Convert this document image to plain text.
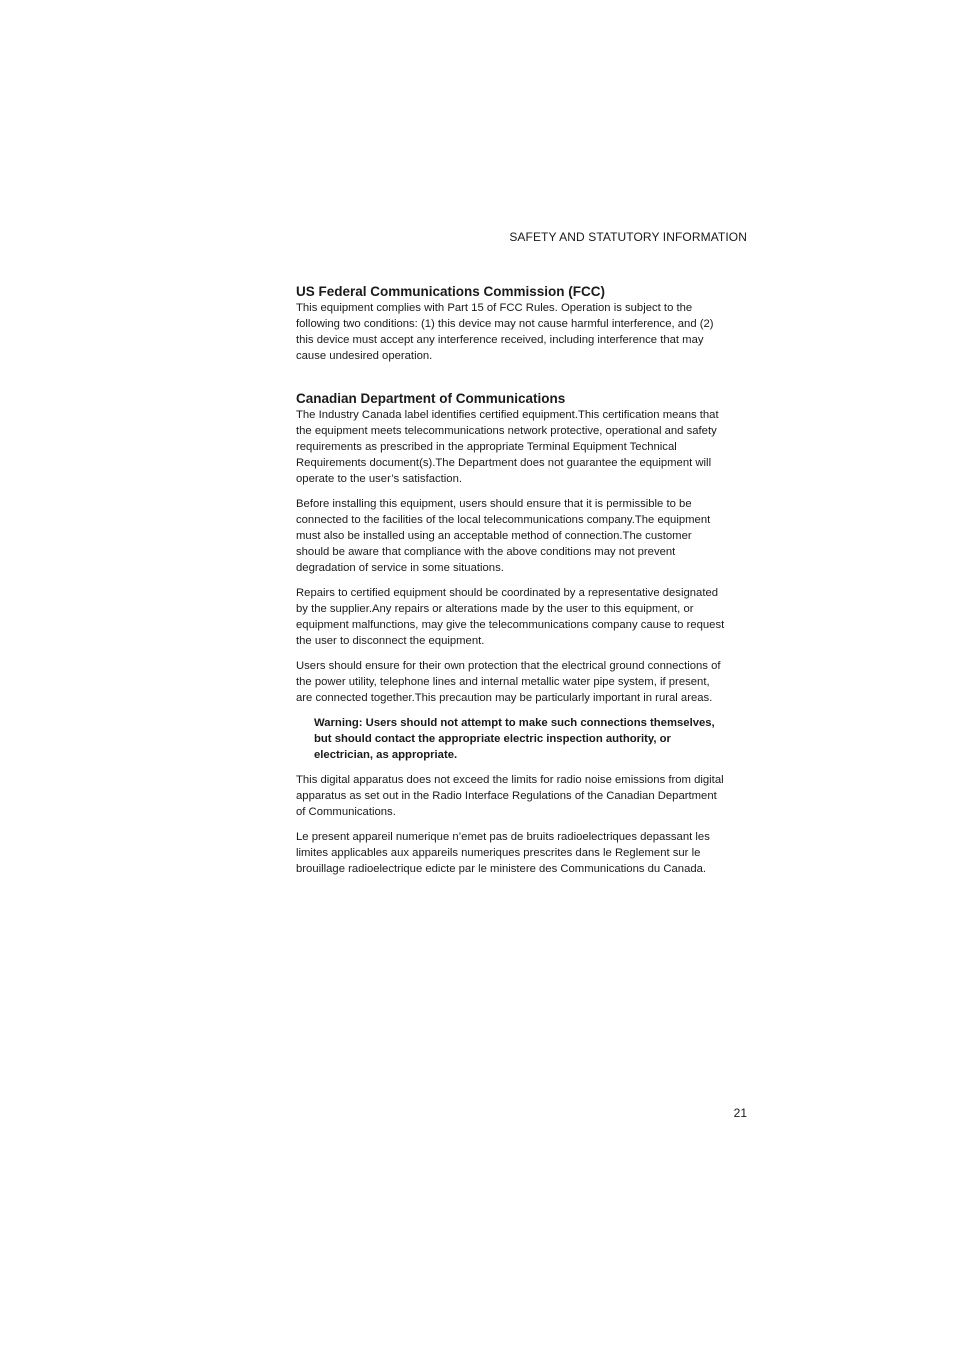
SAFETY AND STATUTORY INFORMATION
US Federal Communications Commission (FCC)

This equipment complies with Part 15 of FCC Rules. Operation is subject to the following two conditions: (1) this device may not cause harmful interference, and (2) this device must accept any interference received, including interference that may cause undesired operation.

Canadian Department of Communications

The Industry Canada label identifies certified equipment.This certification means that the equipment meets telecommunications network protective, operational and safety requirements as prescribed in the appropriate Terminal Equipment Technical Requirements document(s).The Department does not guarantee the equipment will operate to the user’s satisfaction.

Before installing this equipment, users should ensure that it is permissible to be connected to the facilities of the local telecommunications company.The equipment must also be installed using an acceptable method of connection.The customer should be aware that compliance with the above conditions may not prevent degradation of service in some situations.

Repairs to certified equipment should be coordinated by a representative designated by the supplier.Any repairs or alterations made by the user to this equipment, or equipment malfunctions, may give the telecommunications company cause to request the user to disconnect the equipment.

Users should ensure for their own protection that the electrical ground connections of the power utility, telephone lines and internal metallic water pipe system, if present, are connected together.This precaution may be particularly important in rural areas.

Warning: Users should not attempt to make such connections themselves, but should contact the appropriate electric inspection authority, or electrician, as appropriate.

This digital apparatus does not exceed the limits for radio noise emissions from digital apparatus as set out in the Radio Interface Regulations of the Canadian Department of Communications.

Le present appareil numerique n’emet pas de bruits radioelectriques depassant les limites applicables aux appareils numeriques prescrites dans le Reglement sur le brouillage radioelectrique edicte par le ministere des Communications du Canada.

21
